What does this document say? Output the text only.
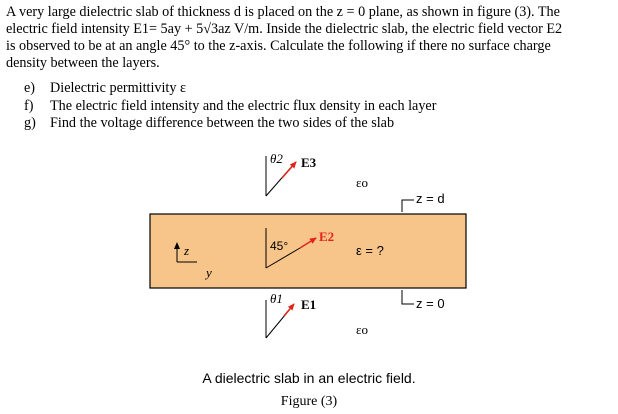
A very large dielectric slab of thickness d is placed on the z = 0 plane, as shown in figure (3). The
electric field intensity E1= 5ay + 5√3az V/m. Inside the dielectric slab, the electric field vector E2
is observed to be at an angle 45° to the z-axis. Calculate the following if there no surface charge
density between the layers.
e)	Dielectric permittivity ε
f)	The electric field intensity and the electric flux density in each layer
g) Find the voltage difference between the two sides of the slab
θ2 E3
εo
z = d
45°
E2
ε = ?
z
y
θ1 E1
εo
z = 0
A dielectric slab in an electric field.
Figure (3)
